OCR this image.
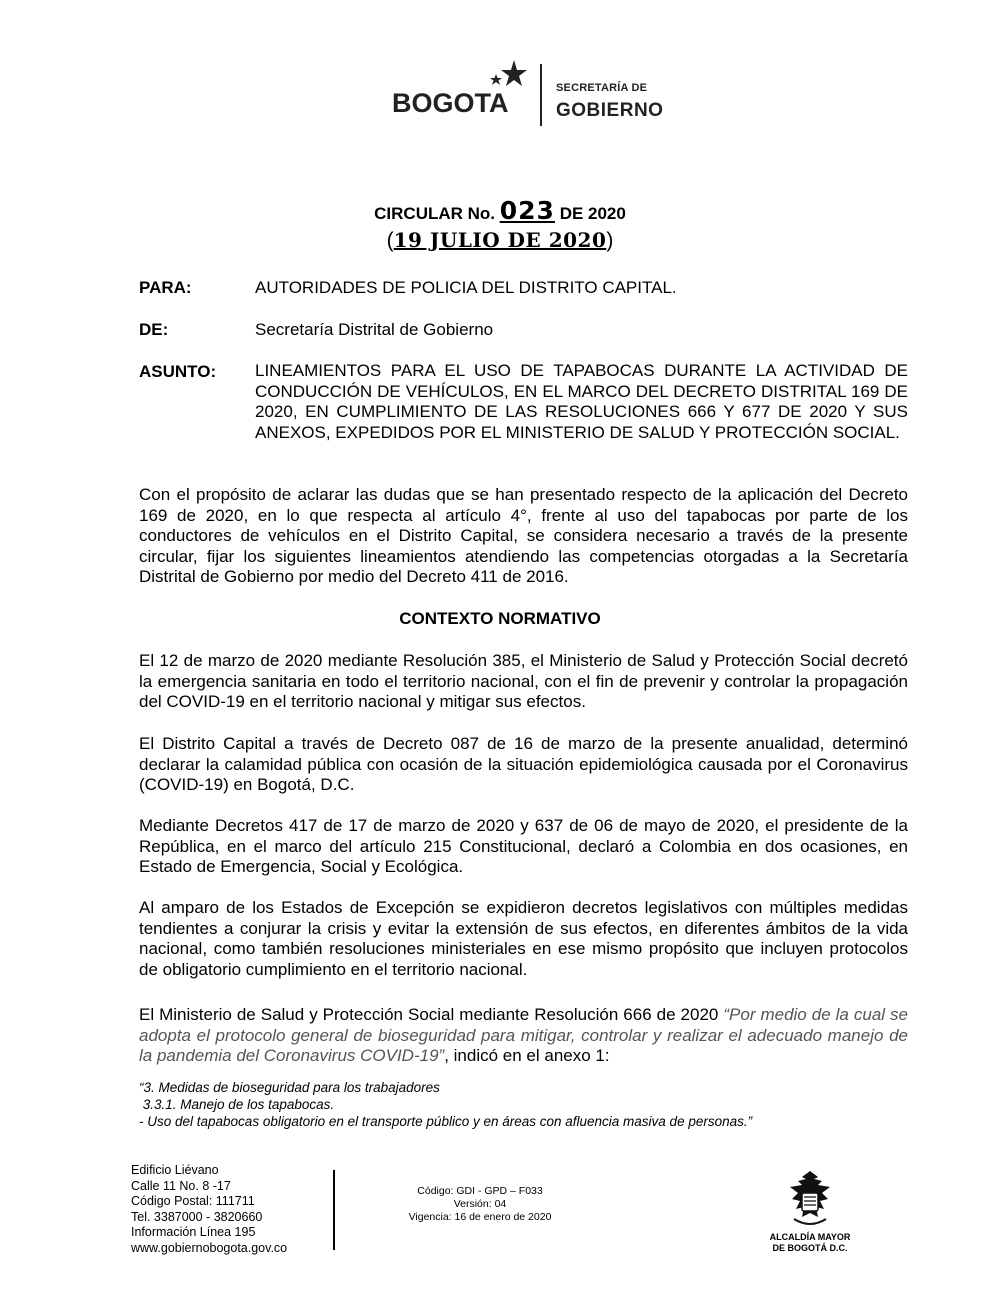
BOGOTA	SECRETARÍA DE
GOBIERNO
CIRCULAR No. 023 DE 2020
(19 JULIO DE 2020)
PARA:	AUTORIDADES DE POLICIA DEL DISTRITO CAPITAL.
DE:	Secretaría Distrital de Gobierno
ASUNTO: LINEAMIENTOS PARA EL USO DE TAPABOCAS DURANTE LA ACTIVIDAD DE CONDUCCIÓN DE VEHÍCULOS, EN EL MARCO DEL DECRETO DISTRITAL 169 DE 2020, EN CUMPLIMIENTO DE LAS RESOLUCIONES 666 Y 677 DE 2020 Y SUS ANEXOS, EXPEDIDOS POR EL MINISTERIO DE SALUD Y PROTECCIÓN SOCIAL.
Con el propósito de aclarar las dudas que se han presentado respecto de la aplicación del Decreto 169 de 2020, en lo que respecta al artículo 4°, frente al uso del tapabocas por parte de los conductores de vehículos en el Distrito Capital, se considera necesario a través de la presente circular, fijar los siguientes lineamientos atendiendo las competencias otorgadas a la Secretaría Distrital de Gobierno por medio del Decreto 411 de 2016.
CONTEXTO NORMATIVO
El 12 de marzo de 2020 mediante Resolución 385, el Ministerio de Salud y Protección Social decretó la emergencia sanitaria en todo el territorio nacional, con el fin de prevenir y controlar la propagación del COVID-19 en el territorio nacional y mitigar sus efectos.
El Distrito Capital a través de Decreto 087 de 16 de marzo de la presente anualidad, determinó declarar la calamidad pública con ocasión de la situación epidemiológica causada por el Coronavirus (COVID-19) en Bogotá, D.C.
Mediante Decretos 417 de 17 de marzo de 2020 y 637 de 06 de mayo de 2020, el presidente de la República, en el marco del artículo 215 Constitucional, declaró a Colombia en dos ocasiones, en Estado de Emergencia, Social y Ecológica.
Al amparo de los Estados de Excepción se expidieron decretos legislativos con múltiples medidas tendientes a conjurar la crisis y evitar la extensión de sus efectos, en diferentes ámbitos de la vida nacional, como también resoluciones ministeriales en ese mismo propósito que incluyen protocolos de obligatorio cumplimiento en el territorio nacional.
El Ministerio de Salud y Protección Social mediante Resolución 666 de 2020 “Por medio de la cual se adopta el protocolo general de bioseguridad para mitigar, controlar y realizar el adecuado manejo de la pandemia del Coronavirus COVID-19”, indicó en el anexo 1:
“3. Medidas de bioseguridad para los trabajadores
3.3.1. Manejo de los tapabocas.
- Uso del tapabocas obligatorio en el transporte público y en áreas con afluencia masiva de personas.”
Edificio Liévano
Calle 11 No. 8 -17
Código Postal: 111711
Tel. 3387000 - 3820660
Información Línea 195
www.gobiernobogota.gov.co
Código: GDI - GPD – F033
Versión: 04
Vigencia: 16 de enero de 2020
ALCALDÍA MAYOR
DE BOGOTÁ D.C.
